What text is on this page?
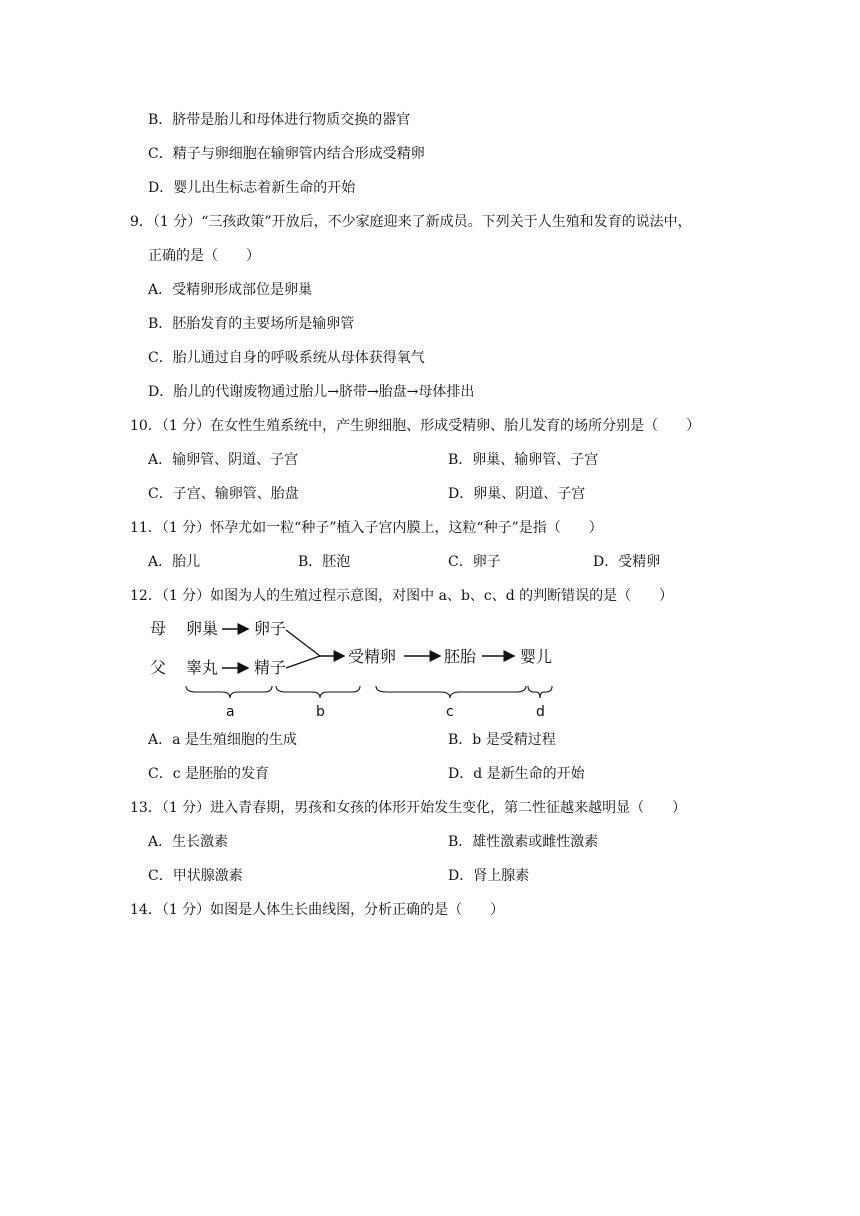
B．脐带是胎儿和母体进行物质交换的器官
C．精子与卵细胞在输卵管内结合形成受精卵
D．婴儿出生标志着新生命的开始
9．（1 分）“三孩政策”开放后，不少家庭迎来了新成员。下列关于人生殖和发育的说法中，
正确的是（　　）
A．受精卵形成部位是卵巢
B．胚胎发育的主要场所是输卵管
C．胎儿通过自身的呼吸系统从母体获得氧气
D．胎儿的代谢废物通过胎儿→脐带→胎盘→母体排出
10．（1 分）在女性生殖系统中，产生卵细胞、形成受精卵、胎儿发育的场所分别是（　　）
A．输卵管、阴道、子宫	B．卵巢、输卵管、子宫
C．子宫、输卵管、胎盘	D．卵巢、阴道、子宫
11．（1 分）怀孕尤如一粒“种子”植入子宫内膜上，这粒“种子”是指（　　）
A．胎儿	B．胚泡	C．卵子	D．受精卵
12．（1 分）如图为人的生殖过程示意图，对图中 a、b、c、d 的判断错误的是（　　）
母
父
卵巢 卵子
睾丸 精子
受精卵	胚胎	婴儿
a	b	c	d
A．a 是生殖细胞的生成	B．b 是受精过程
C．c 是胚胎的发育	D．d 是新生命的开始
13．（1 分）进入青春期，男孩和女孩的体形开始发生变化，第二性征越来越明显（　　）
A．生长激素	B．雄性激素或雌性激素
C．甲状腺激素	D．肾上腺素
14．（1 分）如图是人体生长曲线图，分析正确的是（　　）
